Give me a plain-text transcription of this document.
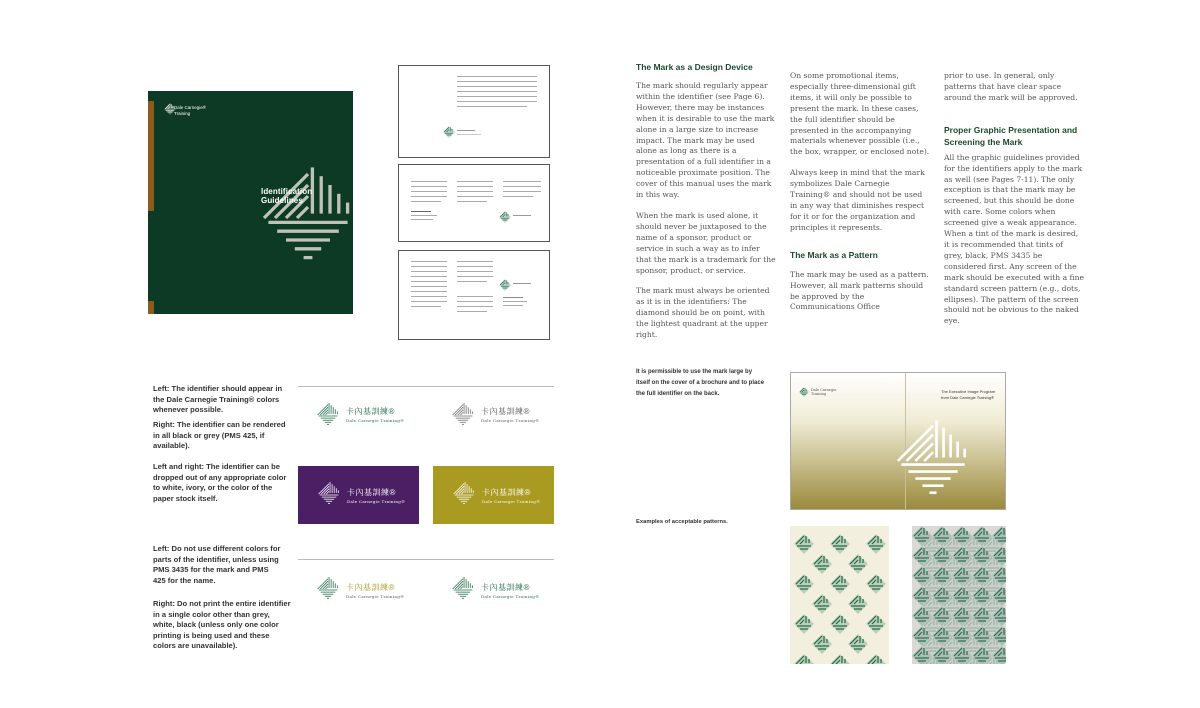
Dale Carnegie®
Training
Identification Guidelines
The Mark as a Design Device
The mark should regularly appear within the identifier (see Page 6). However, there may be instances when it is desirable to use the mark alone in a large size to increase impact. The mark may be used alone as long as there is a presentation of a full identifier in a noticeable proximate position. The cover of this manual uses the mark in this way.
When the mark is used alone, it should never be juxtaposed to the name of a sponsor, product or service in such a way as to infer that the mark is a trademark for the sponsor, product, or service.
The mark must always be oriented as it is in the identifiers: The diamond should be on point, with the lightest quadrant at the upper right.
On some promotional items, especially three-dimensional gift items, it will only be possible to present the mark. In these cases, the full identifier should be presented in the accompanying materials whenever possible (i.e., the box, wrapper, or enclosed note).
Always keep in mind that the mark symbolizes Dale Carnegie Training® and should not be used in any way that diminishes respect for it or for the organization and principles it represents.
The Mark as a Pattern
The mark may be used as a pattern. However, all mark patterns should be approved by the Communications Office
prior to use. In general, only patterns that have clear space around the mark will be approved.
Proper Graphic Presentation and Screening the Mark
All the graphic guidelines provided for the identifiers apply to the mark as well (see Pages 7-11). The only exception is that the mark may be screened, but this should be done with care. Some colors when screened give a weak appearance. When a tint of the mark is desired, it is recommended that tints of grey, black, PMS 3435 be considered first. Any screen of the mark should be executed with a fine standard screen pattern (e.g., dots, ellipses). The pattern of the screen should not be obvious to the naked eye.
Left: The identifier should appear in the Dale Carnegie Training® colors whenever possible.
Right: The identifier can be rendered in all black or grey (PMS 425, if available).
Left and right: The identifier can be dropped out of any appropriate color to white, ivory, or the color of the paper stock itself.
Left: Do not use different colors for parts of the identifier, unless using PMS 3435 for the mark and PMS 425 for the name.
Right: Do not print the entire identifier in a single color other than grey, white, black (unless only one color printing is being used and these colors are unavailable).
卡內基訓練®
Dale Carnegie Training®
卡內基訓練®
Dale Carnegie Training®
卡內基訓練®
Dale Carnegie Training®
卡內基訓練®
Dale Carnegie Training®
卡內基訓練®
Dale Carnegie Training®
卡內基訓練®
Dale Carnegie Training®
It is permissible to use the mark large by itself on the cover of a brochure and to place the full identifier on the back.
Dale Carnegie Training	The Executive Image Program from Dale Carnegie Training®
Examples of acceptable patterns.
